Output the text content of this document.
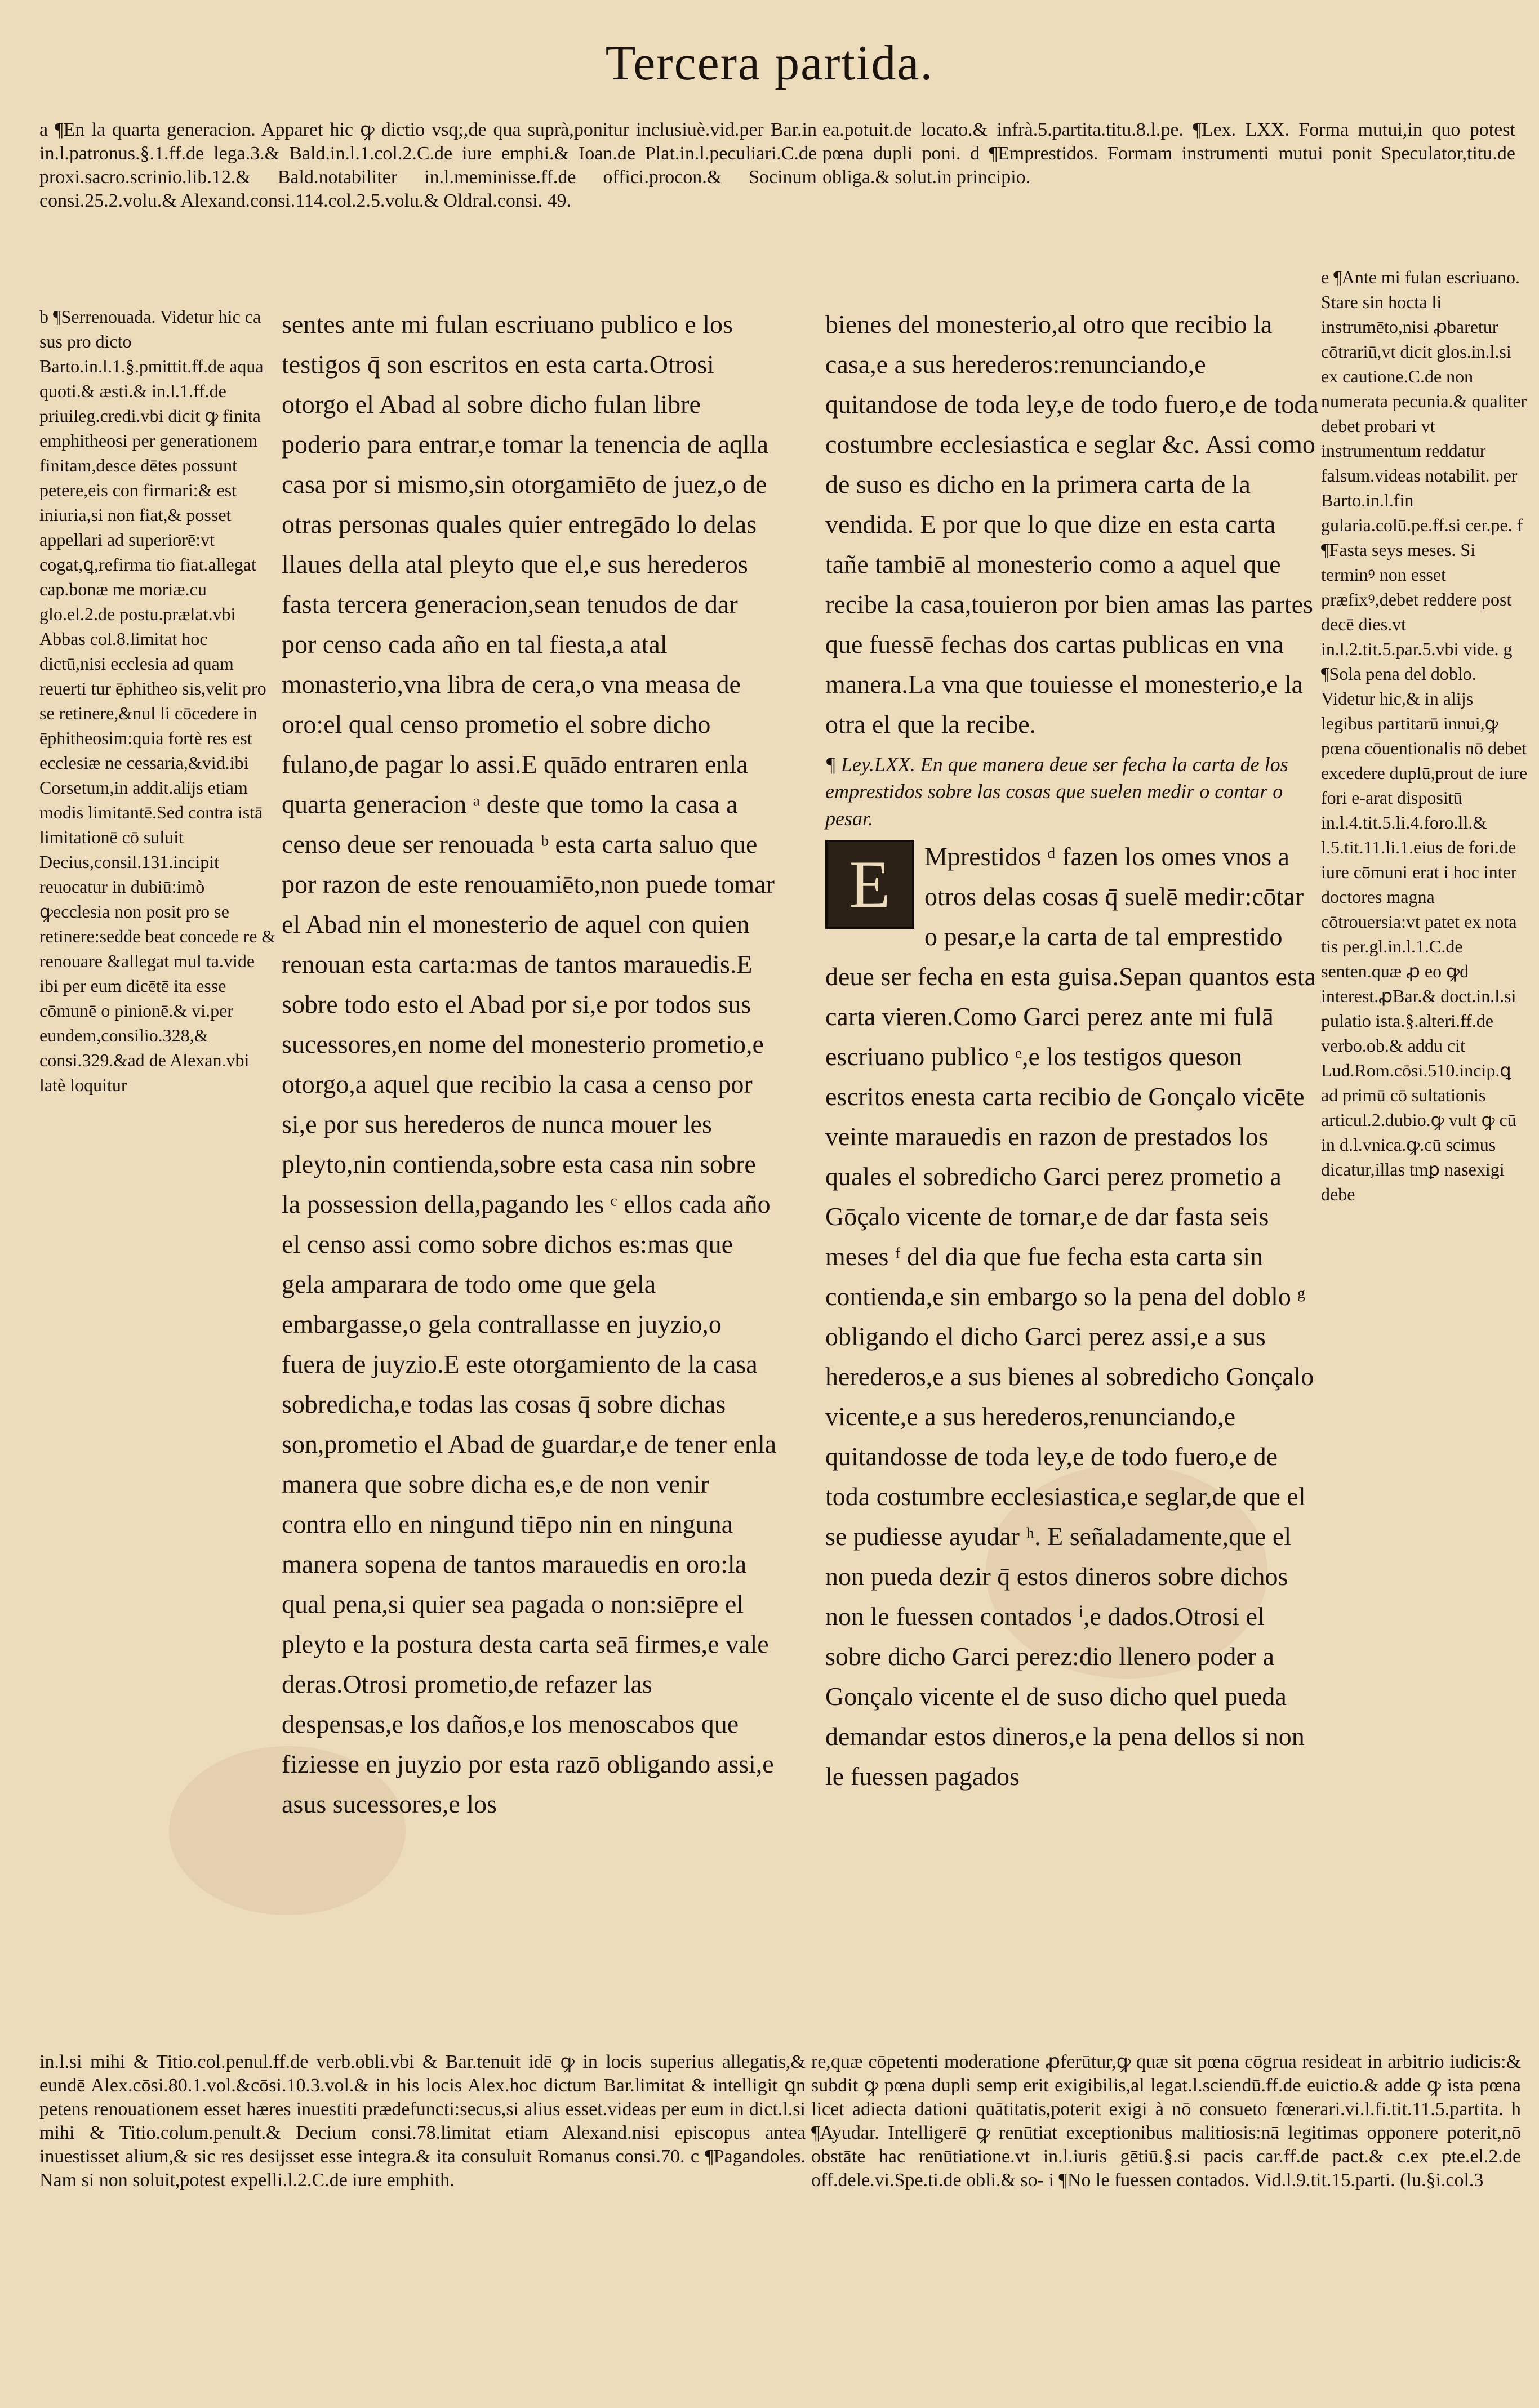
Tercera partida.
a ¶En la quarta generacion. Apparet hic ꝙ dictio vsq;,de qua suprà,ponitur inclusiuè.vid.per Bar.in in.l.patronus.§.1.ff.de lega.3.& Bald.in.l.1.col.2.C.de iure emphi.& Ioan.de Plat.in.l.peculiari.C.de proxi.sacro.scrinio.lib.12.& Bald.notabiliter in.l.meminisse.ff.de offici.procon.& Socinum consi.25.2.volu.& Alexand.consi.114.col.2.5.volu.& Oldral.consi. 49.
ea.potuit.de locato.& infrà.5.partita.titu.8.l.pe. ¶Lex. LXX. Forma mutui,in quo potest pœna dupli poni. d ¶Emprestidos. Formam instrumenti mutui ponit Speculator,titu.de obliga.& solut.in principio.
b ¶Serrenouada. Videtur hic ca sus pro dicto Barto.in.l.1.§.pmittit.ff.de aqua quoti.& æsti.& in.l.1.ff.de priuileg.credi.vbi dicit ꝙ finita emphitheosi per generationem finitam,desce dētes possunt petere,eis con firmari:& est iniuria,si non fiat,& posset appellari ad superiorē:vt cogat,ꝗ,refirma tio fiat.allegat cap.bonæ me moriæ.cu glo.el.2.de postu.prælat.vbi Abbas col.8.limitat hoc dictū,nisi ecclesia ad quam reuerti tur ēphitheo sis,velit pro se retinere,&nul li cōcedere in ēphitheosim:quia fortè res est ecclesiæ ne cessaria,&vid.ibi Corsetum,in addit.alijs etiam modis limitantē.Sed contra istā limitationē cō suluit Decius,consil.131.incipit reuocatur in dubiū:imò ꝙecclesia non posit pro se retinere:sedde beat concede re & renouare &allegat mul ta.vide ibi per eum dicētē ita esse cōmunē o pinionē.& vi.per eundem,consilio.328,& consi.329.&ad de Alexan.vbi latè loquitur

sentes ante mi fulan escriuano publico e los testigos q̄ son escritos en esta carta.Otrosi otorgo el Abad al sobre dicho fulan libre poderio para entrar,e tomar la tenencia de aqlla casa por si mismo,sin otorgamiēto de juez,o de otras personas quales quier entregādo lo delas llaues della atal pleyto que el,e sus herederos fasta tercera generacion,sean tenudos de dar por censo cada año en tal fiesta,a atal monasterio,vna libra de cera,o vna measa de oro:el qual censo prometio el sobre dicho fulano,de pagar lo assi.E quādo entraren enla quarta generacion ᵃ deste que tomo la casa a censo deue ser renouada ᵇ esta carta saluo que por razon de este renouamiēto,non puede tomar el Abad nin el monesterio de aquel con quien renouan esta carta:mas de tantos marauedis.E sobre todo esto el Abad por si,e por todos sus sucessores,en nome del monesterio prometio,e otorgo,a aquel que recibio la casa a censo por si,e por sus herederos de nunca mouer les pleyto,nin contienda,sobre esta casa nin sobre la possession della,pagando les ᶜ ellos cada año el censo assi como sobre dichos es:mas que gela amparara de todo ome que gela embargasse,o gela contrallasse en juyzio,o fuera de juyzio.E este otorgamiento de la casa sobredicha,e todas las cosas q̄ sobre dichas son,prometio el Abad de guardar,e de tener enla manera que sobre dicha es,e de non venir contra ello en ningund tiēpo nin en ninguna manera sopena de tantos marauedis en oro:la qual pena,si quier sea pagada o non:siēpre el pleyto e la postura desta carta seā firmes,e vale deras.Otrosi prometio,de refazer las despensas,e los daños,e los menoscabos que fiziesse en juyzio por esta razō obligando assi,e asus sucessores,e los

bienes del monesterio,al otro que recibio la casa,e a sus herederos:renunciando,e quitandose de toda ley,e de todo fuero,e de toda costumbre ecclesiastica e seglar &c. Assi como de suso es dicho en la primera carta de la vendida. E por que lo que dize en esta carta tañe tambiē al monesterio como a aquel que recibe la casa,touieron por bien amas las partes que fuessē fechas dos cartas publicas en vna manera.La vna que touiesse el monesterio,e la otra el que la recibe.

¶ Ley.LXX. En que manera deue ser fecha la carta de los emprestidos sobre las cosas que suelen medir o contar o pesar.

E	Mprestidos ᵈ fazen los omes vnos a otros delas cosas q̄ suelē medir:cōtar o pesar,e la carta de tal emprestido deue ser fecha en esta guisa.Sepan quantos esta carta vieren.Como Garci perez ante mi fulā escriuano publico ᵉ,e los testigos queson escritos enesta carta recibio de Gonçalo vicēte veinte marauedis en razon de prestados los quales el sobredicho Garci perez prometio a Gōçalo vicente de tornar,e de dar fasta seis meses ᶠ del dia que fue fecha esta carta sin contienda,e sin embargo so la pena del doblo ᵍ obligando el dicho Garci perez assi,e a sus herederos,e a sus bienes al sobredicho Gonçalo vicente,e a sus herederos,renunciando,e quitandosse de toda ley,e de todo fuero,e de toda costumbre ecclesiastica,e seglar,de que el se pudiesse ayudar ʰ. E señaladamente,que el non pueda dezir q̄ estos dineros sobre dichos non le fuessen contados ⁱ,e dados.Otrosi el sobre dicho Garci perez:dio llenero poder a Gonçalo vicente el de suso dicho quel pueda demandar estos dineros,e la pena dellos si non le fuessen pagados

e ¶Ante mi fulan escriuano. Stare sin hocta li instrumēto,nisi ꝓbaretur cōtrariū,vt dicit glos.in.l.si ex cautione.C.de non numerata pecunia.& qualiter debet probari vt instrumentum reddatur falsum.videas notabilit. per Barto.in.l.fin gularia.colū.pe.ff.si cer.pe. f ¶Fasta seys meses. Si terminꝰ non esset præfixꝰ,debet reddere post decē dies.vt in.l.2.tit.5.par.5.vbi vide. g ¶Sola pena del doblo. Videtur hic,& in alijs legibus partitarū innui,ꝙ pœna cōuentionalis nō debet excedere duplū,prout de iure fori e-arat dispositū in.l.4.tit.5.li.4.foro.ll.& l.5.tit.11.li.1.eius de fori.de iure cōmuni erat i hoc inter doctores magna cōtrouersia:vt patet ex nota tis per.gl.in.l.1.C.de senten.quæ ꝓ eo ꝙd interest.ꝓBar.& doct.in.l.si pulatio ista.§.alteri.ff.de verbo.ob.& addu cit Lud.Rom.cōsi.510.incip.ꝗ ad primū cō sultationis articul.2.dubio.ꝙ vult ꝙ cū in d.l.vnica.ꝙ.cū scimus dicatur,illas tmꝑ nasexigi debe
in.l.si mihi & Titio.col.penul.ff.de verb.obli.vbi & Bar.tenuit idē ꝙ in locis superius allegatis,& eundē Alex.cōsi.80.1.vol.&cōsi.10.3.vol.& in his locis Alex.hoc dictum Bar.limitat & intelligit ꝗn petens renouationem esset hæres inuestiti prædefuncti:secus,si alius esset.videas per eum in dict.l.si mihi & Titio.colum.penult.& Decium consi.78.limitat etiam Alexand.nisi episcopus antea inuestisset alium,& sic res desijsset esse integra.& ita consuluit Romanus consi.70. c ¶Pagandoles. Nam si non soluit,potest expelli.l.2.C.de iure emphith.
re,quæ cōpetenti moderatione ꝓferūtur,ꝙ quæ sit pœna cōgrua resideat in arbitrio iudicis:& subdit ꝙ pœna dupli semp erit exigibilis,al legat.l.sciendū.ff.de euictio.& adde ꝙ ista pœna licet adiecta dationi quātitatis,poterit exigi à nō consueto fœnerari.vi.l.fi.tit.11.5.partita. h ¶Ayudar. Intelligerē ꝙ renūtiat exceptionibus malitiosis:nā legitimas opponere poterit,nō obstāte hac renūtiatione.vt in.l.iuris gētiū.§.si pacis car.ff.de pact.& c.ex pte.el.2.de off.dele.vi.Spe.ti.de obli.& so- i ¶No le fuessen contados. Vid.l.9.tit.15.parti. (lu.§i.col.3
